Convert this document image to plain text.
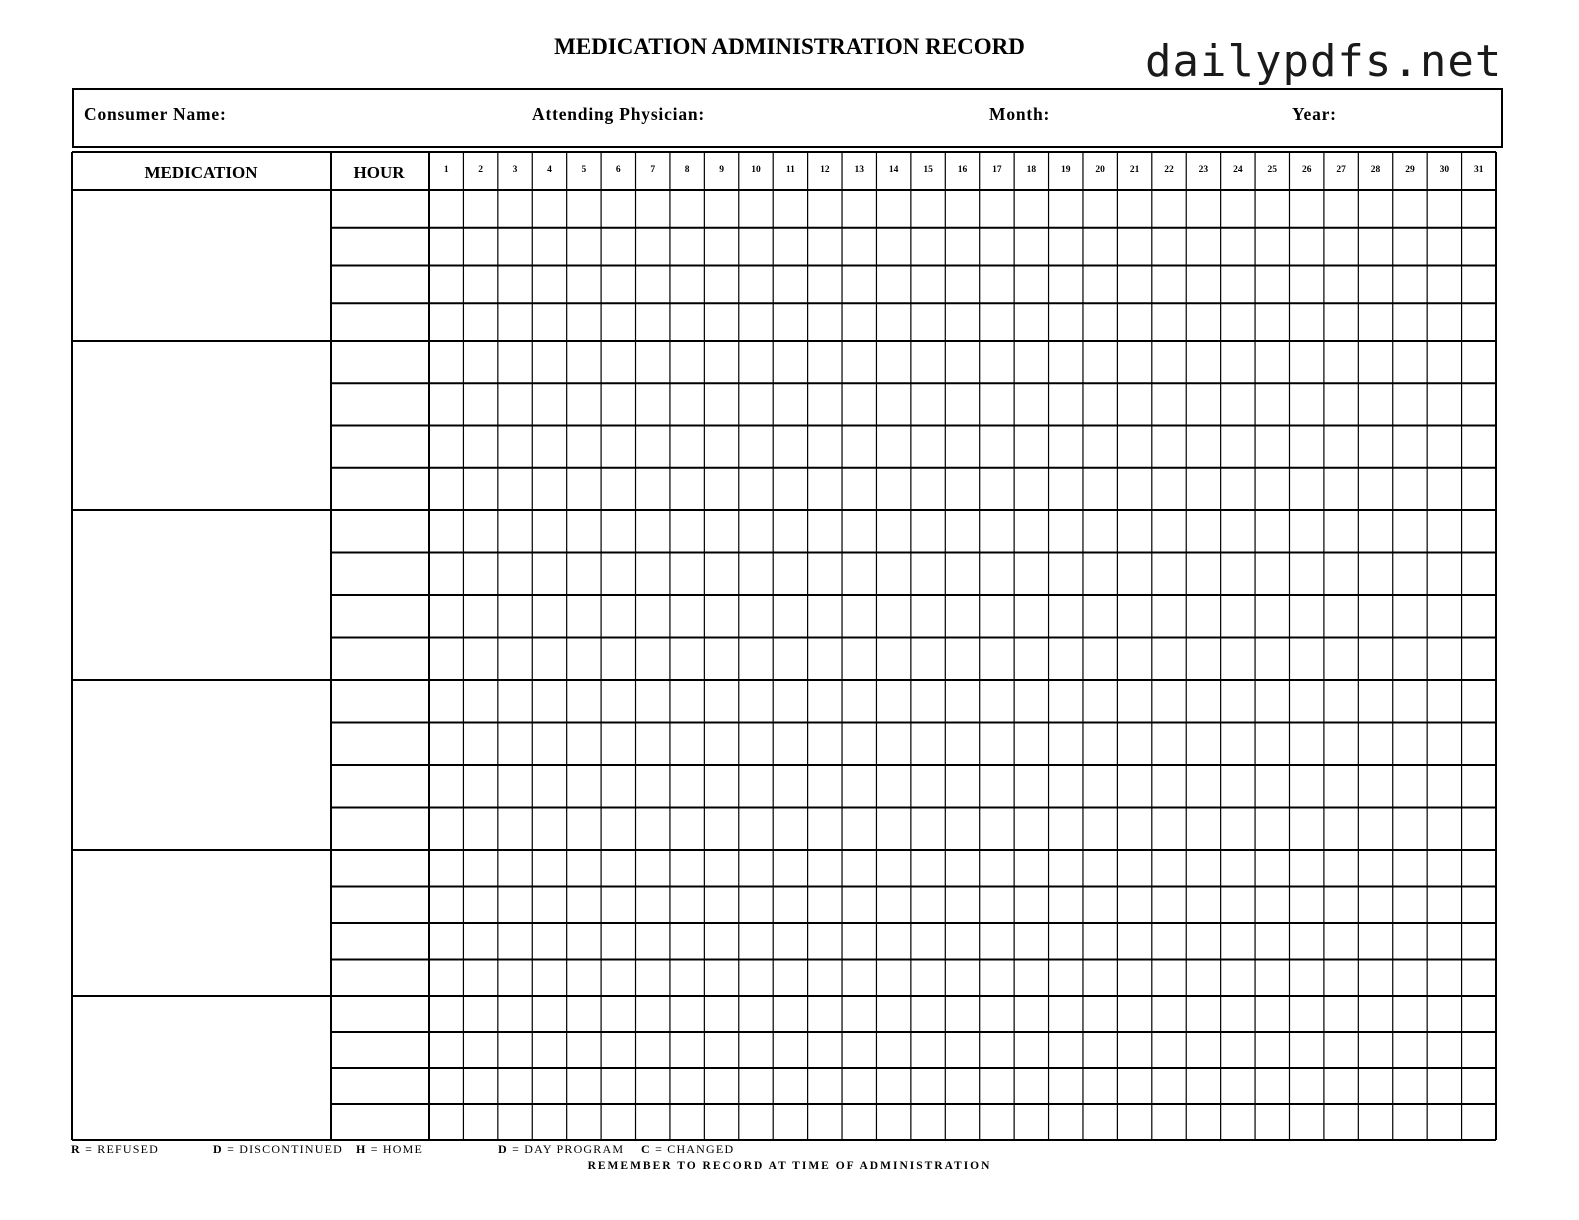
MEDICATION ADMINISTRATION RECORD	dailypdfs.net
Consumer Name:	Attending Physician:	Month:	Year:
MEDICATION	HOUR	1	2	3	4	5	6	7	8	9	10	11	12	13	14	15	16	17	18	19	20	21	22	23	24	25	26	27	28	29	30	31
R = REFUSED	D = DISCONTINUED H = HOME	D = DAY PROGRAM C = CHANGED
REMEMBER TO RECORD AT TIME OF ADMINISTRATION
